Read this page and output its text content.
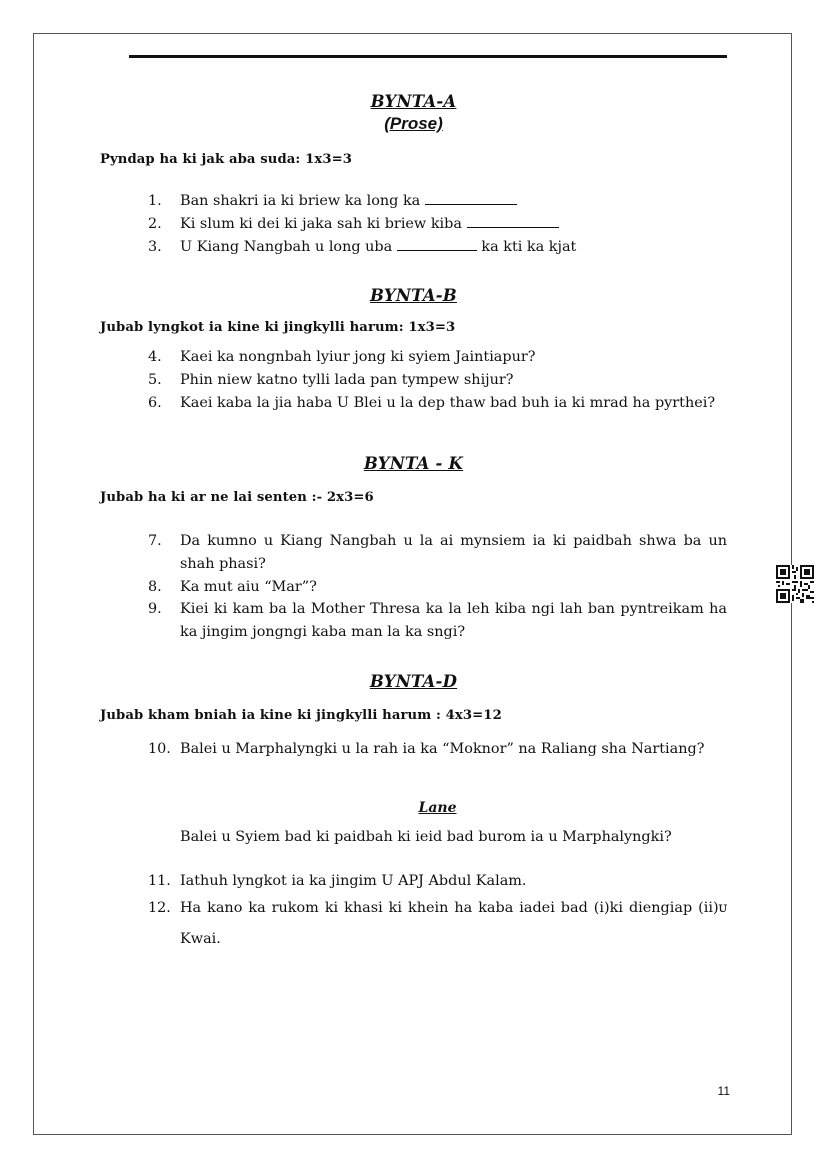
BYNTA-A
(Prose)
Pyndap ha ki jak aba suda: 1x3=3
1. Ban shakri ia ki briew ka long ka
2. Ki slum ki dei ki jaka sah ki briew kiba
3. U Kiang Nangbah u long uba	ka kti ka kjat
BYNTA-B
Jubab lyngkot ia kine ki jingkylli harum: 1x3=3
4. Kaei ka nongnbah lyiur jong ki syiem Jaintiapur?
5. Phin niew katno tylli lada pan tympew shijur?
6. Kaei kaba la jia haba U Blei u la dep thaw bad buh ia ki mrad ha pyrthei?
BYNTA - K
Jubab ha ki ar ne lai senten :- 2x3=6
7. Da kumno u Kiang Nangbah u la ai mynsiem ia ki paidbah shwa ba un shah phasi?
8. Ka mut aiu “Mar”?
9. Kiei ki kam ba la Mother Thresa ka la leh kiba ngi lah ban pyntreikam ha ka jingim jongngi kaba man la ka sngi?
BYNTA-D
Jubab kham bniah ia kine ki jingkylli harum : 4x3=12
10. Balei u Marphalyngki u la rah ia ka “Moknor” na Raliang sha Nartiang?
Lane
Balei u Syiem bad ki paidbah ki ieid bad burom ia u Marphalyngki?
11. Iathuh lyngkot ia ka jingim U APJ Abdul Kalam.
12. Ha kano ka rukom ki khasi ki khein ha kaba iadei bad (i)ki diengiap (ii)ᴜ Kwai.
11
